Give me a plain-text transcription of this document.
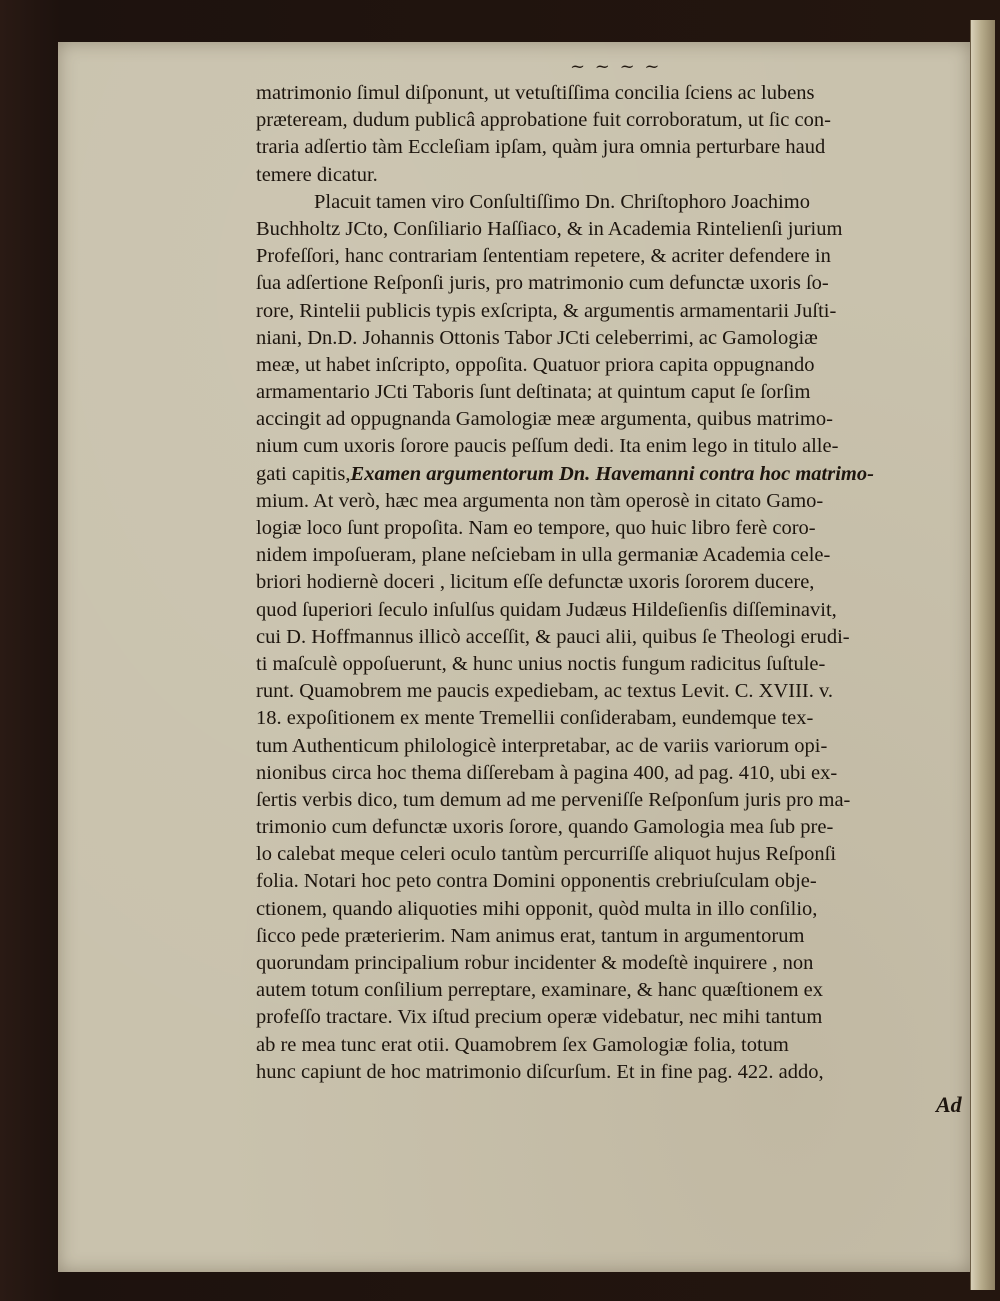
~ ~ ~ ~
matrimonio ſimul diſponunt, ut vetuſtiſſima concilia ſciens ac lubens
præteream, dudum publicâ approbatione fuit corroboratum, ut ſic con-
traria adſertio tàm Eccleſiam ipſam, quàm jura omnia perturbare haud
temere dicatur.
Placuit tamen viro Conſultiſſimo Dn. Chriſtophoro Joachimo
Buchholtz JCto, Conſiliario Haſſiaco, & in Academia Rintelienſi jurium
Profeſſori, hanc contrariam ſententiam repetere, & acriter defendere in
ſua adſertione Reſponſi juris, pro matrimonio cum defunctæ uxoris ſo-
rore, Rintelii publicis typis exſcripta, & argumentis armamentarii Juſti-
niani, Dn.D. Johannis Ottonis Tabor JCti celeberrimi, ac Gamologiæ
meæ, ut habet inſcripto, oppoſita. Quatuor priora capita oppugnando
armamentario JCti Taboris ſunt deſtinata; at quintum caput ſe ſorſim
accingit ad oppugnanda Gamologiæ meæ argumenta, quibus matrimo-
nium cum uxoris ſorore paucis peſſum dedi. Ita enim lego in titulo alle-
gati capitis,Examen argumentorum Dn. Havemanni contra hoc matrimo-
mium. At verò, hæc mea argumenta non tàm operosè in citato Gamo-
logiæ loco ſunt propoſita. Nam eo tempore, quo huic libro ferè coro-
nidem impoſueram, plane neſciebam in ulla germaniæ Academia cele-
briori hodiernè doceri , licitum eſſe defunctæ uxoris ſororem ducere,
quod ſuperiori ſeculo inſulſus quidam Judæus Hildeſienſis diſſeminavit,
cui D. Hoffmannus illicò acceſſit, & pauci alii, quibus ſe Theologi erudi-
ti maſculè oppoſuerunt, & hunc unius noctis fungum radicitus ſuſtule-
runt. Quamobrem me paucis expediebam, ac textus Levit. C. XVIII. v.
18. expoſitionem ex mente Tremellii conſiderabam, eundemque tex-
tum Authenticum philologicè interpretabar, ac de variis variorum opi-
nionibus circa hoc thema diſſerebam à pagina 400, ad pag. 410, ubi ex-
ſertis verbis dico, tum demum ad me perveniſſe Reſponſum juris pro ma-
trimonio cum defunctæ uxoris ſorore, quando Gamologia mea ſub pre-
lo calebat meque celeri oculo tantùm percurriſſe aliquot hujus Reſponſi
folia. Notari hoc peto contra Domini opponentis crebriuſculam obje-
ctionem, quando aliquoties mihi opponit, quòd multa in illo conſilio,
ſicco pede præterierim. Nam animus erat, tantum in argumentorum
quorundam principalium robur incidenter & modeſtè inquirere , non
autem totum conſilium perreptare, examinare, & hanc quæſtionem ex
profeſſo tractare. Vix iſtud precium operæ videbatur, nec mihi tantum
ab re mea tunc erat otii. Quamobrem ſex Gamologiæ folia, totum
hunc capiunt de hoc matrimonio diſcurſum. Et in fine pag. 422. addo,
Ad
